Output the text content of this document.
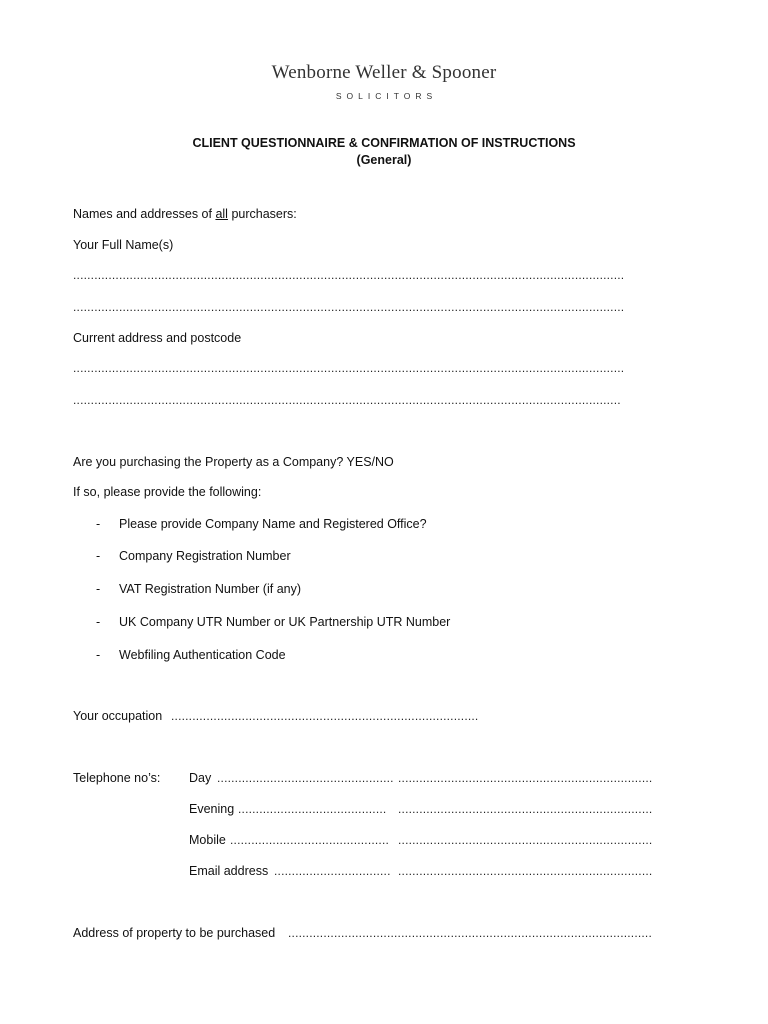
Wenborne Weller & Spooner
SOLICITORS
CLIENT QUESTIONNAIRE & CONFIRMATION OF INSTRUCTIONS
(General)
Names and addresses of all purchasers:
Your Full Name(s)
............................................................................................................................................................
............................................................................................................................................................
Current address and postcode
............................................................................................................................................................
...........................................................................................................................................................
Are you purchasing the Property as a Company? YES/NO
If so, please provide the following:
- Please provide Company Name and Registered Office?
- Company Registration Number
- VAT Registration Number (if any)
- UK Company UTR Number or UK Partnership UTR Number
- Webfiling Authentication Code
Your occupation .......................................................................................
Telephone no’s: Day .................................................. ........................................................................
Evening .......................................... ........................................................................
Mobile ............................................. ........................................................................
Email address ................................. ........................................................................
Address of property to be purchased .......................................................................................................
